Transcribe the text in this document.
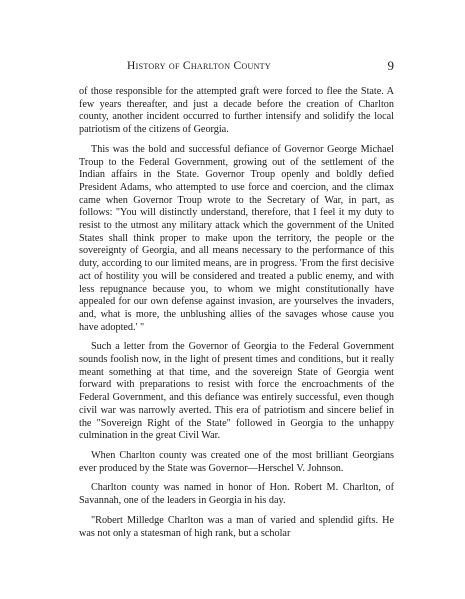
History of Charlton County	9

of those responsible for the attempted graft were forced to flee the State. A few years thereafter, and just a decade before the creation of Charlton county, another incident occurred to further intensify and solidify the local patriotism of the citizens of Georgia.

This was the bold and successful defiance of Governor George Michael Troup to the Federal Government, growing out of the settlement of the Indian affairs in the State. Governor Troup openly and boldly defied President Adams, who attempted to use force and coercion, and the climax came when Governor Troup wrote to the Secretary of War, in part, as follows: "You will distinctly understand, therefore, that I feel it my duty to resist to the utmost any military attack which the government of the United States shall think proper to make upon the territory, the people or the sovereignty of Georgia, and all means necessary to the performance of this duty, according to our limited means, are in progress. 'From the first decisive act of hostility you will be considered and treated a public enemy, and with less repugnance because you, to whom we might constitutionally have appealed for our own defense against invasion, are yourselves the invaders, and, what is more, the unblushing allies of the savages whose cause you have adopted.' "

Such a letter from the Governor of Georgia to the Federal Government sounds foolish now, in the light of present times and conditions, but it really meant something at that time, and the sovereign State of Georgia went forward with preparations to resist with force the encroachments of the Federal Government, and this defiance was entirely successful, even though civil war was narrowly averted. This era of patriotism and sincere belief in the "Sovereign Right of the State" followed in Georgia to the unhappy culmination in the great Civil War.

When Charlton county was created one of the most brilliant Georgians ever produced by the State was Governor—Herschel V. Johnson.

Charlton county was named in honor of Hon. Robert M. Charlton, of Savannah, one of the leaders in Georgia in his day.

"Robert Milledge Charlton was a man of varied and splendid gifts. He was not only a statesman of high rank, but a scholar
